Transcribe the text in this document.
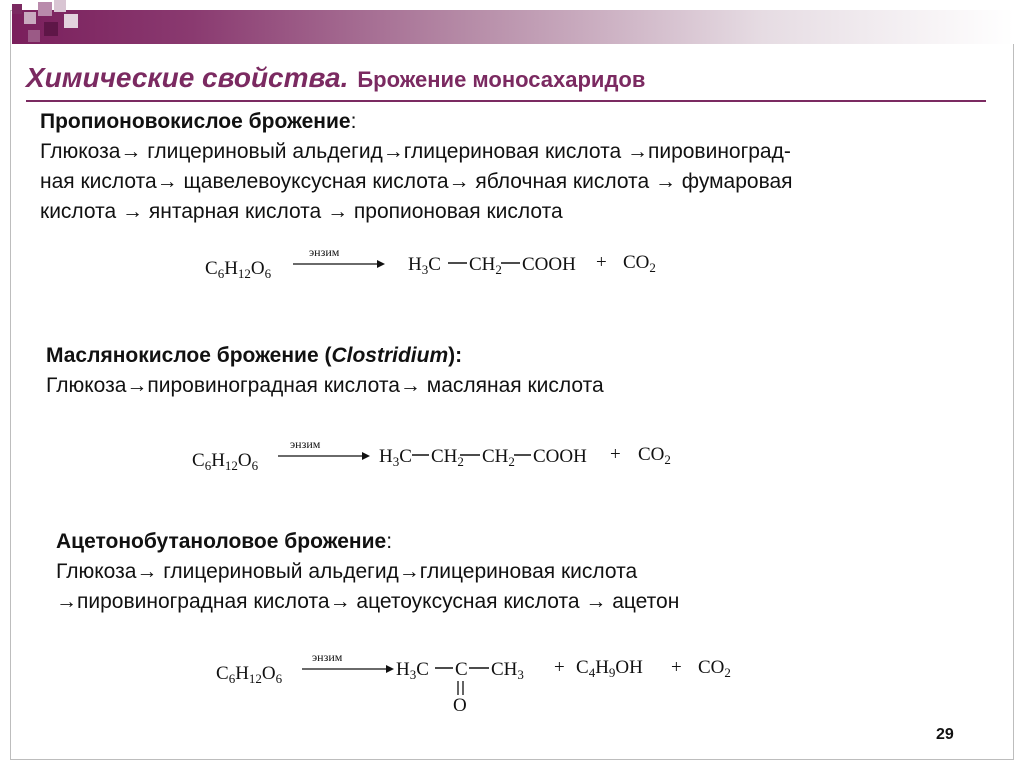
Химические свойства. Брожение моносахаридов

Пропионовокислое брожение:
Глюкоза→ глицериновый альдегид→глицериновая кислота →пировиноград-
ная кислота→ щавелевоуксусная кислота→ яблочная кислота → фумаровая
кислота → янтарная кислота → пропионовая кислота

энзим
$C_6H_{12}O_6$	$H_3C$ $CH_2$ COOH + $CO_2$

Маслянокислое брожение (Clostridium):
Глюкоза→пировиноградная кислота→ масляная кислота

энзим
$C_6H_{12}O_6$	$H_3C$ $CH_2$ $CH_2$ COOH + $CO_2$

Ацетонобутаноловое брожение:
Глюкоза→ глицериновый альдегид→глицериновая кислота
→пировиноградная кислота→ ацетоуксусная кислота → ацетон

энзим
$C_6H_{12}O_6$	$H_3C$ C $CH_3$
O
+ $C_4H_9OH + CO_2$
29
